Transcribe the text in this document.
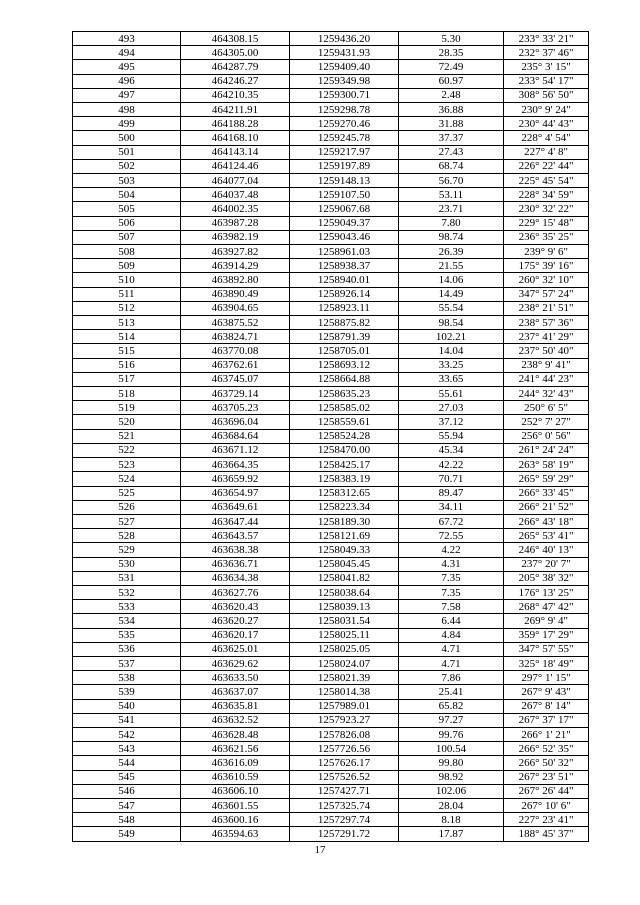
493	464308.15	1259436.20	5.30	233° 33' 21"
494	464305.00	1259431.93	28.35	232° 37' 46"
495	464287.79	1259409.40	72.49	235° 3' 15"
496	464246.27	1259349.98	60.97	233° 54' 17"
497	464210.35	1259300.71	2.48	308° 56' 50"
498	464211.91	1259298.78	36.88	230° 9' 24"
499	464188.28	1259270.46	31.88	230° 44' 43"
500	464168.10	1259245.78	37.37	228° 4' 54"
501	464143.14	1259217.97	27.43	227° 4' 8"
502	464124.46	1259197.89	68.74	226° 22' 44"
503	464077.04	1259148.13	56.70	225° 45' 54"
504	464037.48	1259107.50	53.11	228° 34' 59"
505	464002.35	1259067.68	23.71	230° 32' 22"
506	463987.28	1259049.37	7.80	229° 15' 48"
507	463982.19	1259043.46	98.74	236° 35' 25"
508	463927.82	1258961.03	26.39	239° 9' 6"
509	463914.29	1258938.37	21.55	175° 39' 16"
510	463892.80	1258940.01	14.06	260° 32' 10"
511	463890.49	1258926.14	14.49	347° 57' 24"
512	463904.65	1258923.11	55.54	238° 21' 51"
513	463875.52	1258875.82	98.54	238° 57' 36"
514	463824.71	1258791.39	102.21	237° 41' 29"
515	463770.08	1258705.01	14.04	237° 50' 40"
516	463762.61	1258693.12	33.25	238° 9' 41"
517	463745.07	1258664.88	33.65	241° 44' 23"
518	463729.14	1258635.23	55.61	244° 32' 43"
519	463705.23	1258585.02	27.03	250° 6' 5"
520	463696.04	1258559.61	37.12	252° 7' 27"
521	463684.64	1258524.28	55.94	256° 0' 56"
522	463671.12	1258470.00	45.34	261° 24' 24"
523	463664.35	1258425.17	42.22	263° 58' 19"
524	463659.92	1258383.19	70.71	265° 59' 29"
525	463654.97	1258312.65	89.47	266° 33' 45"
526	463649.61	1258223.34	34.11	266° 21' 52"
527	463647.44	1258189.30	67.72	266° 43' 18"
528	463643.57	1258121.69	72.55	265° 53' 41"
529	463638.38	1258049.33	4.22	246° 40' 13"
530	463636.71	1258045.45	4.31	237° 20' 7"
531	463634.38	1258041.82	7.35	205° 38' 32"
532	463627.76	1258038.64	7.35	176° 13' 25"
533	463620.43	1258039.13	7.58	268° 47' 42"
534	463620.27	1258031.54	6.44	269° 9' 4"
535	463620.17	1258025.11	4.84	359° 17' 29"
536	463625.01	1258025.05	4.71	347° 57' 55"
537	463629.62	1258024.07	4.71	325° 18' 49"
538	463633.50	1258021.39	7.86	297° 1' 15"
539	463637.07	1258014.38	25.41	267° 9' 43"
540	463635.81	1257989.01	65.82	267° 8' 14"
541	463632.52	1257923.27	97.27	267° 37' 17"
542	463628.48	1257826.08	99.76	266° 1' 21"
543	463621.56	1257726.56	100.54	266° 52' 35"
544	463616.09	1257626.17	99.80	266° 50' 32"
545	463610.59	1257526.52	98.92	267° 23' 51"
546	463606.10	1257427.71	102.06	267° 26' 44"
547	463601.55	1257325.74	28.04	267° 10' 6"
548	463600.16	1257297.74	8.18	227° 23' 41"
549	463594.63	1257291.72	17.87	188° 45' 37"
17
